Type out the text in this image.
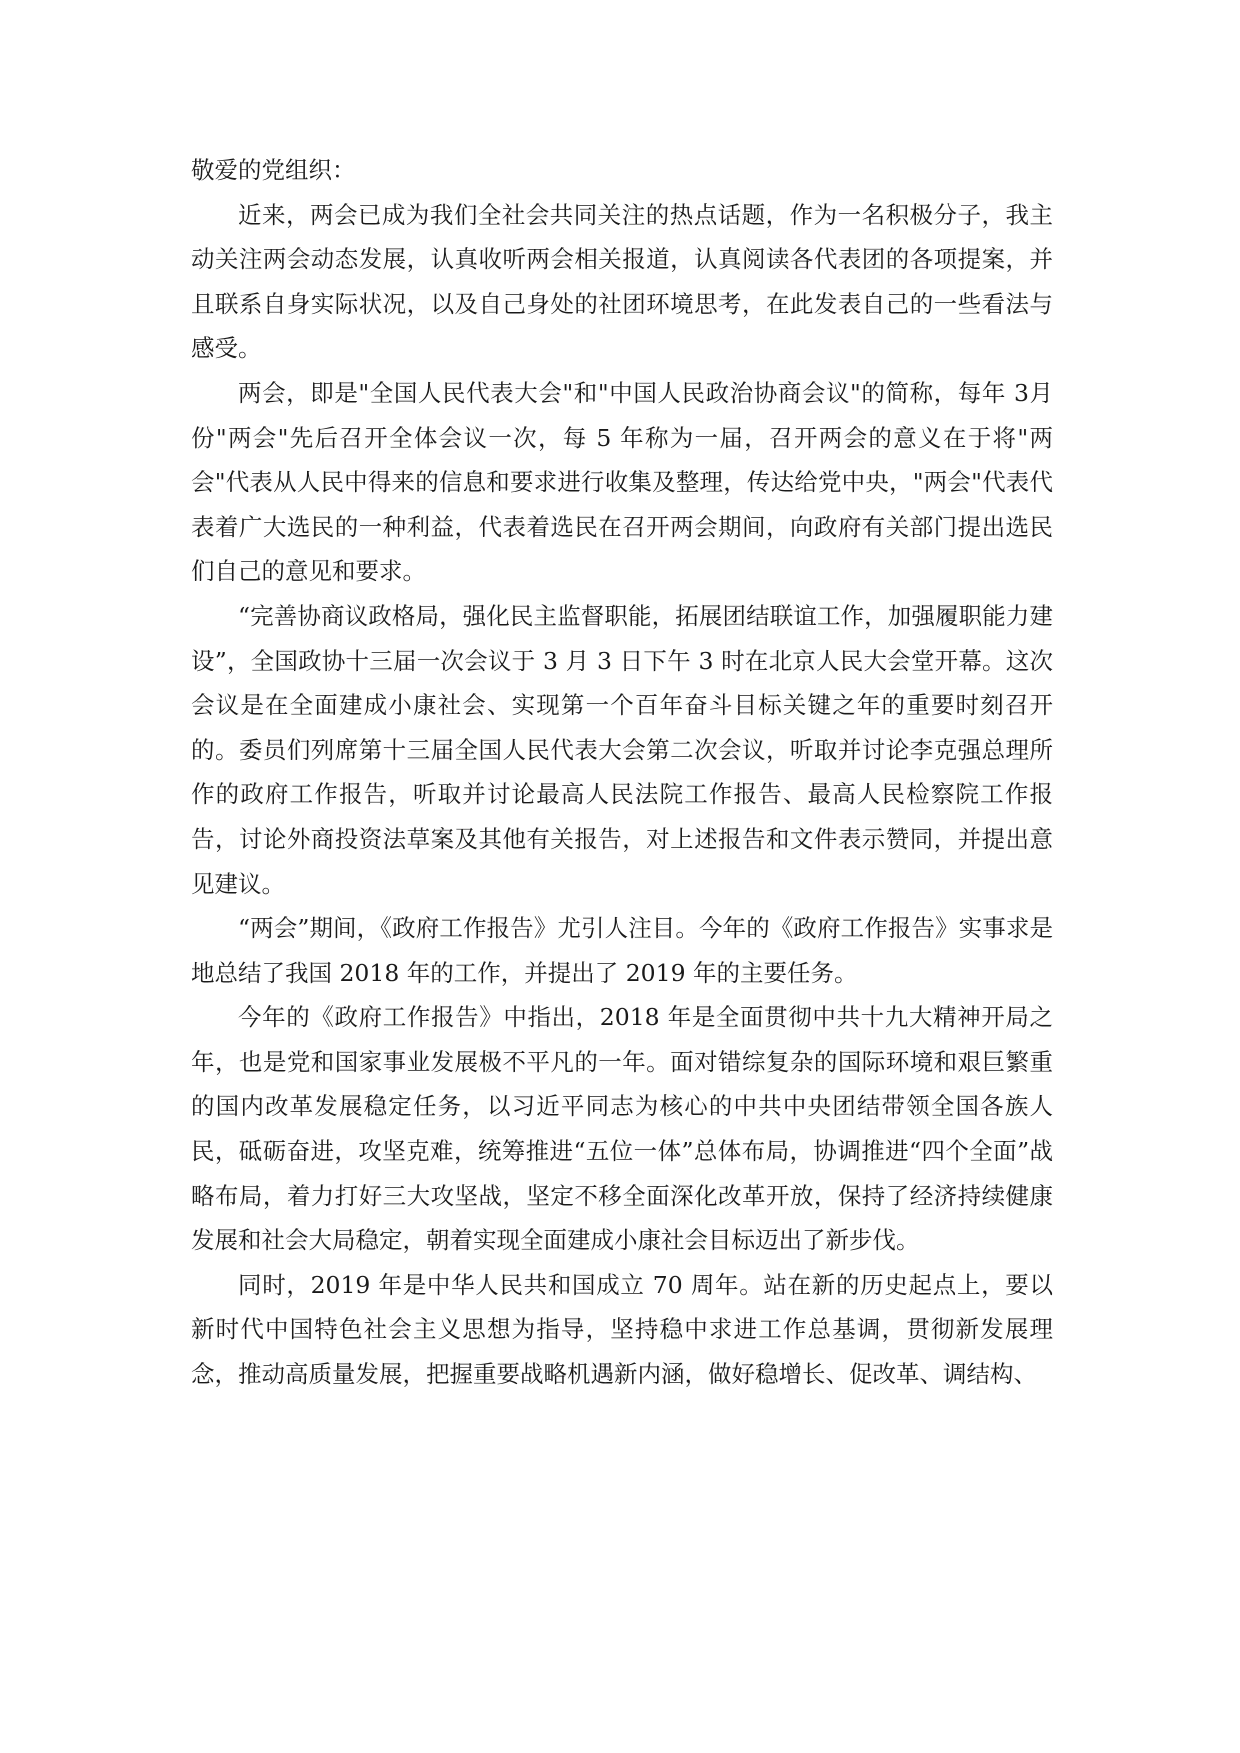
敬爱的党组织：

近来，两会已成为我们全社会共同关注的热点话题，作为一名积极分子，我主动关注两会动态发展，认真收听两会相关报道，认真阅读各代表团的各项提案，并且联系自身实际状况，以及自己身处的社团环境思考，在此发表自己的一些看法与感受。

两会，即是"全国人民代表大会"和"中国人民政治协商会议"的简称，每年 3月份"两会"先后召开全体会议一次，每 5 年称为一届，召开两会的意义在于将"两会"代表从人民中得来的信息和要求进行收集及整理，传达给党中央，"两会"代表代表着广大选民的一种利益，代表着选民在召开两会期间，向政府有关部门提出选民们自己的意见和要求。

“完善协商议政格局，强化民主监督职能，拓展团结联谊工作，加强履职能力建设”，全国政协十三届一次会议于 3 月 3 日下午 3 时在北京人民大会堂开幕。这次会议是在全面建成小康社会、实现第一个百年奋斗目标关键之年的重要时刻召开的。委员们列席第十三届全国人民代表大会第二次会议，听取并讨论李克强总理所作的政府工作报告，听取并讨论最高人民法院工作报告、最高人民检察院工作报告，讨论外商投资法草案及其他有关报告，对上述报告和文件表示赞同，并提出意见建议。

“两会”期间，《政府工作报告》尤引人注目。今年的《政府工作报告》实事求是地总结了我国 2018 年的工作，并提出了 2019 年的主要任务。

今年的《政府工作报告》中指出，2018 年是全面贯彻中共十九大精神开局之年，也是党和国家事业发展极不平凡的一年。面对错综复杂的国际环境和艰巨繁重的国内改革发展稳定任务，以习近平同志为核心的中共中央团结带领全国各族人民，砥砺奋进，攻坚克难，统筹推进“五位一体”总体布局，协调推进“四个全面”战略布局，着力打好三大攻坚战，坚定不移全面深化改革开放，保持了经济持续健康发展和社会大局稳定，朝着实现全面建成小康社会目标迈出了新步伐。

同时，2019 年是中华人民共和国成立 70 周年。站在新的历史起点上，要以新时代中国特色社会主义思想为指导，坚持稳中求进工作总基调，贯彻新发展理念，推动高质量发展，把握重要战略机遇新内涵，做好稳增长、促改革、调结构、
